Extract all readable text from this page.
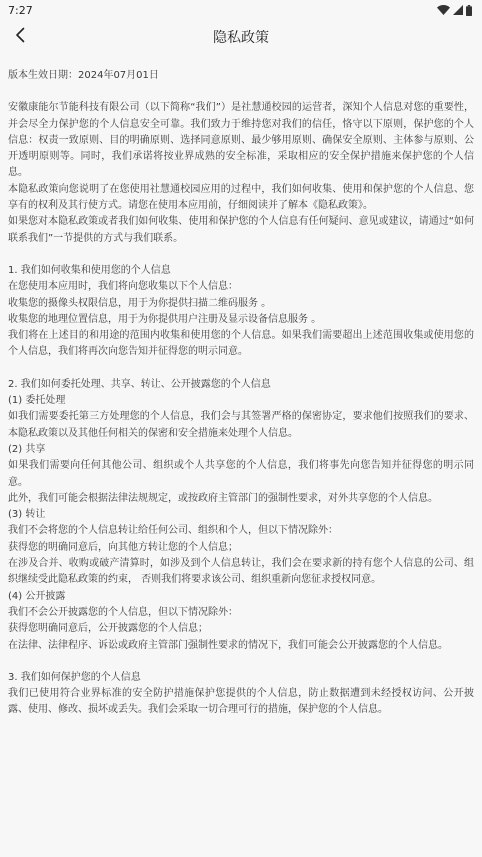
7:27
隐私政策

版本生效日期：2024年07月01日

安徽康能尔节能科技有限公司（以下简称“我们”）是社慧通校园的运营者，深知个人信息对您的重要性，并会尽全力保护您的个人信息安全可靠。我们致力于维持您对我们的信任，恪守以下原则，保护您的个人信息：权责一致原则、目的明确原则、选择同意原则、最少够用原则、确保安全原则、主体参与原则、公开透明原则等。同时，我们承诺将按业界成熟的安全标准，采取相应的安全保护措施来保护您的个人信息。

本隐私政策向您说明了在您使用社慧通校园应用的过程中，我们如何收集、使用和保护您的个人信息、您享有的权利及其行使方式。请您在使用本应用前，仔细阅读并了解本《隐私政策》。

如果您对本隐私政策或者我们如何收集、使用和保护您的个人信息有任何疑问、意见或建议，请通过“如何联系我们”一节提供的方式与我们联系。

1. 我们如何收集和使用您的个人信息

在您使用本应用时，我们将向您收集以下个人信息：

收集您的摄像头权限信息，用于为你提供扫描二维码服务 。

收集您的地理位置信息，用于为你提供用户注册及显示设备信息服务 。

我们将在上述目的和用途的范围内收集和使用您的个人信息。如果我们需要超出上述范围收集或使用您的个人信息，我们将再次向您告知并征得您的明示同意。

2. 我们如何委托处理、共享、转让、公开披露您的个人信息

(1) 委托处理

如我们需要委托第三方处理您的个人信息，我们会与其签署严格的保密协定，要求他们按照我们的要求、本隐私政策以及其他任何相关的保密和安全措施来处理个人信息。

(2) 共享

如果我们需要向任何其他公司、组织或个人共享您的个人信息，我们将事先向您告知并征得您的明示同意。

此外，我们可能会根据法律法规规定，或按政府主管部门的强制性要求，对外共享您的个人信息。

(3) 转让

我们不会将您的个人信息转让给任何公司、组织和个人，但以下情况除外：

获得您的明确同意后，向其他方转让您的个人信息；

在涉及合并、收购或破产清算时，如涉及到个人信息转让，我们会在要求新的持有您个人信息的公司、组织继续受此隐私政策的约束， 否则我们将要求该公司、组织重新向您征求授权同意。

(4) 公开披露

我们不会公开披露您的个人信息，但以下情况除外：

获得您明确同意后，公开披露您的个人信息；

在法律、法律程序、诉讼或政府主管部门强制性要求的情况下，我们可能会公开披露您的个人信息。

3. 我们如何保护您的个人信息

我们已使用符合业界标准的安全防护措施保护您提供的个人信息，防止数据遭到未经授权访问、公开披露、使用、修改、损坏或丢失。我们会采取一切合理可行的措施，保护您的个人信息。
